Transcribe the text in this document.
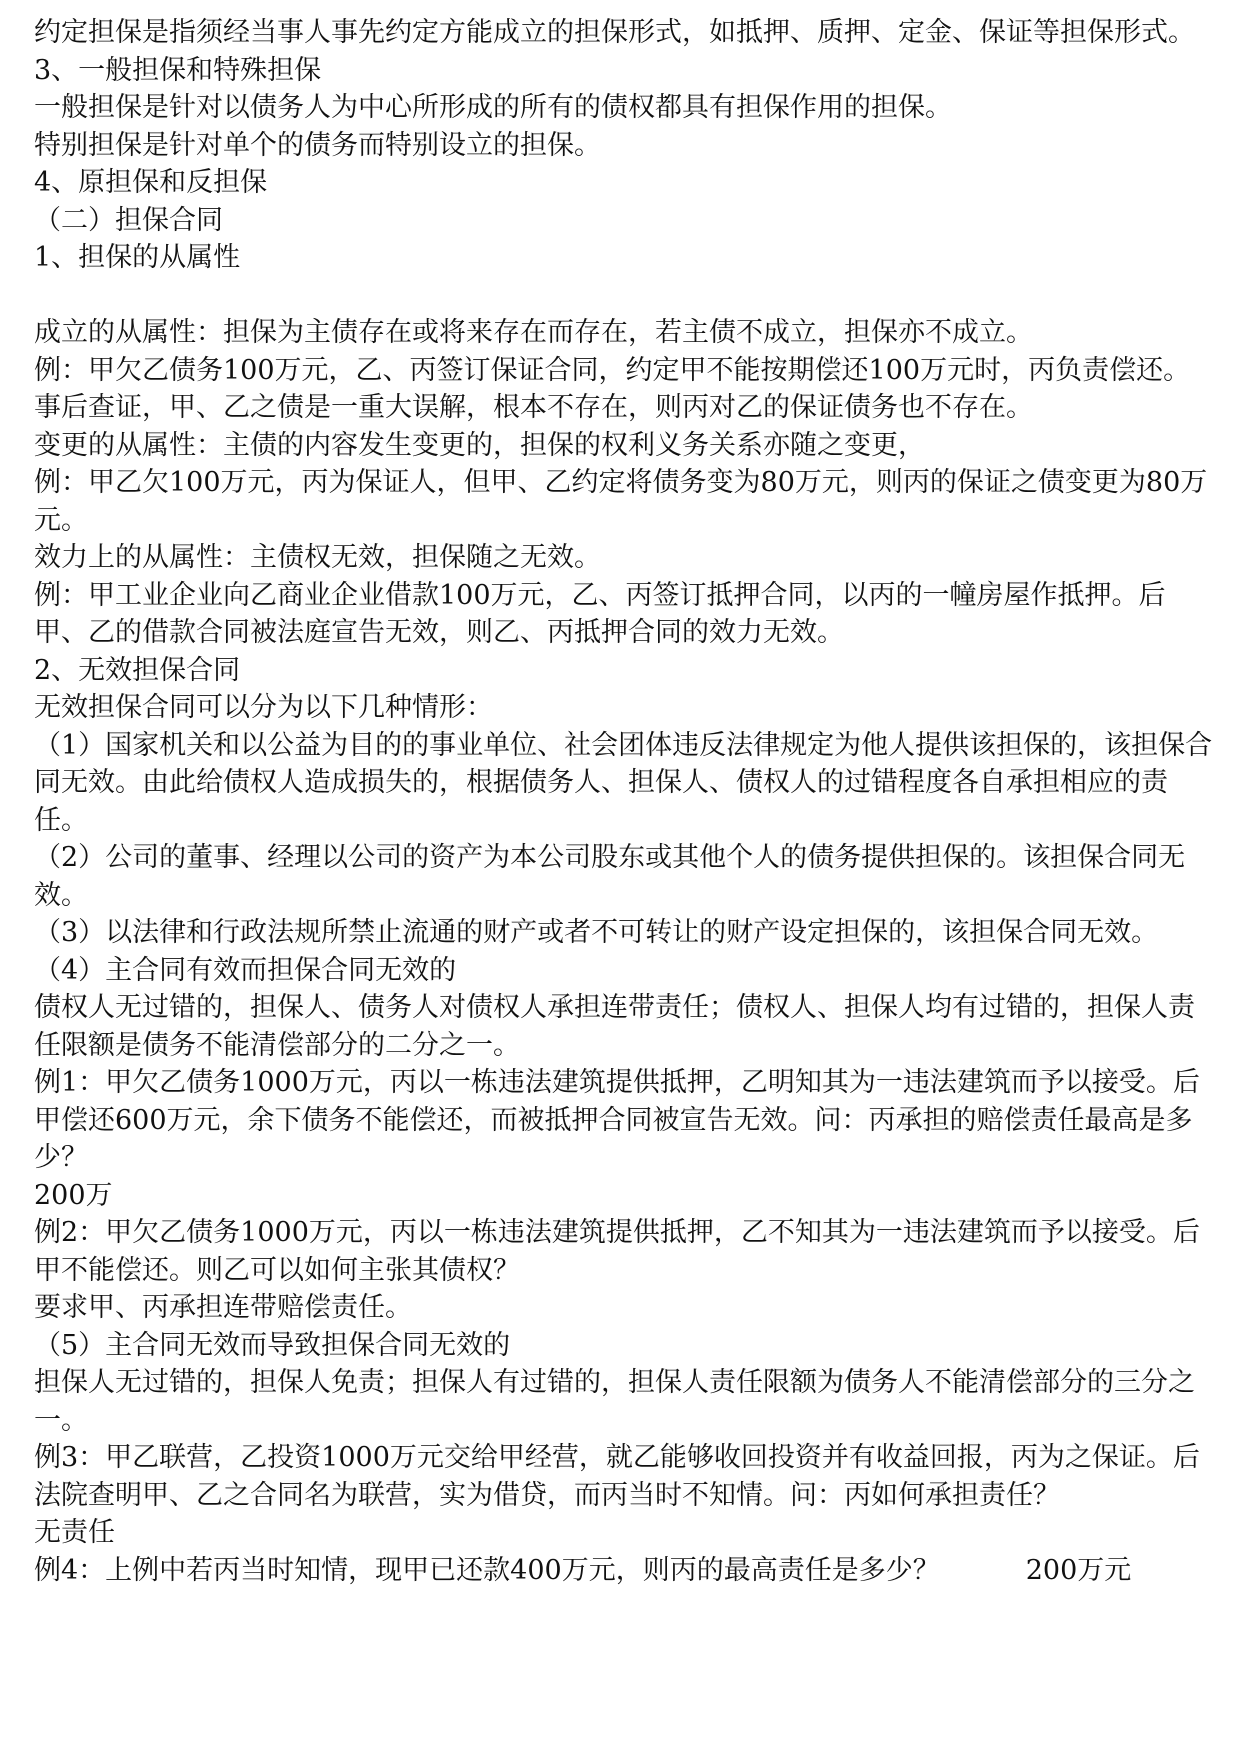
约定担保是指须经当事人事先约定方能成立的担保形式，如抵押、质押、定金、保证等担保形式。
3、一般担保和特殊担保
一般担保是针对以债务人为中心所形成的所有的债权都具有担保作用的担保。
特别担保是针对单个的债务而特别设立的担保。
4、原担保和反担保
（二）担保合同
1、担保的从属性
成立的从属性：担保为主债存在或将来存在而存在，若主债不成立，担保亦不成立。
例：甲欠乙债务100万元，乙、丙签订保证合同，约定甲不能按期偿还100万元时，丙负责偿还。事后查证，甲、乙之债是一重大误解，根本不存在，则丙对乙的保证债务也不存在。
变更的从属性：主债的内容发生变更的，担保的权利义务关系亦随之变更，
例：甲乙欠100万元，丙为保证人，但甲、乙约定将债务变为80万元，则丙的保证之债变更为80万元。
效力上的从属性：主债权无效，担保随之无效。
例：甲工业企业向乙商业企业借款100万元，乙、丙签订抵押合同，以丙的一幢房屋作抵押。后甲、乙的借款合同被法庭宣告无效，则乙、丙抵押合同的效力无效。
2、无效担保合同
无效担保合同可以分为以下几种情形：
（1）国家机关和以公益为目的的事业单位、社会团体违反法律规定为他人提供该担保的，该担保合同无效。由此给债权人造成损失的，根据债务人、担保人、债权人的过错程度各自承担相应的责任。
（2）公司的董事、经理以公司的资产为本公司股东或其他个人的债务提供担保的。该担保合同无效。
（3）以法律和行政法规所禁止流通的财产或者不可转让的财产设定担保的，该担保合同无效。
（4）主合同有效而担保合同无效的
债权人无过错的，担保人、债务人对债权人承担连带责任；债权人、担保人均有过错的，担保人责任限额是债务不能清偿部分的二分之一。
例1：甲欠乙债务1000万元，丙以一栋违法建筑提供抵押，乙明知其为一违法建筑而予以接受。后甲偿还600万元，余下债务不能偿还，而被抵押合同被宣告无效。问：丙承担的赔偿责任最高是多少？
200万
例2：甲欠乙债务1000万元，丙以一栋违法建筑提供抵押，乙不知其为一违法建筑而予以接受。后甲不能偿还。则乙可以如何主张其债权？
要求甲、丙承担连带赔偿责任。
（5）主合同无效而导致担保合同无效的
担保人无过错的，担保人免责；担保人有过错的，担保人责任限额为债务人不能清偿部分的三分之一。
例3：甲乙联营，乙投资1000万元交给甲经营，就乙能够收回投资并有收益回报，丙为之保证。后法院查明甲、乙之合同名为联营，实为借贷，而丙当时不知情。问：丙如何承担责任？
无责任
例4：上例中若丙当时知情，现甲已还款400万元，则丙的最高责任是多少？	200万元
